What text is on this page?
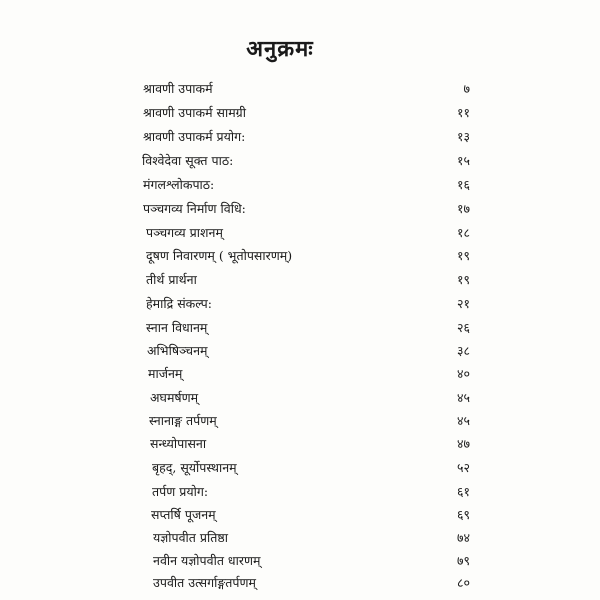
अनुक्रमः
श्रावणी उपाकर्म	७
श्रावणी उपाकर्म सामग्री	११
श्रावणी उपाकर्म प्रयोग:	१३
विश्वेदेवा सूक्त पाठ:	१५
मंगलश्लोकपाठ:	१६
पञ्चगव्य निर्माण विधि:	१७
पञ्चगव्य प्राशनम्	१८
दूषण निवारणम् ( भूतोपसारणम्)	१९
तीर्थ प्रार्थना	१९
हेमाद्रि संकल्प:	२१
स्नान विधानम्	२६
अभिषिञ्चनम्	३८
मार्जनम्	४०
अघमर्षणम्	४५
स्नानाङ्ग तर्पणम्	४५
सन्ध्योपासना	४७
बृहद्, सूर्योपस्थानम्	५२
तर्पण प्रयोग:	६१
सप्तर्षि पूजनम्	६९
यज्ञोपवीत प्रतिष्ठा	७४
नवीन यज्ञोपवीत धारणम्	७९
उपवीत उत्सर्गाङ्गतर्पणम्	८०
